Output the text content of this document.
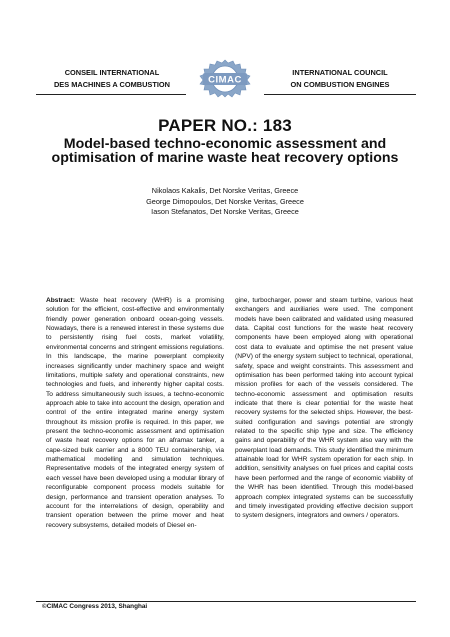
CONSEIL INTERNATIONAL
DES MACHINES A COMBUSTION	CIMAC
INTERNATIONAL COUNCIL
ON COMBUSTION ENGINES
PAPER NO.: 183
Model-based techno-economic assessment and optimisation of marine waste heat recovery options
Nikolaos Kakalis, Det Norske Veritas, Greece
George Dimopoulos, Det Norske Veritas, Greece
Iason Stefanatos, Det Norske Veritas, Greece

Abstract: Waste heat recovery (WHR) is a promising solution for the efficient, cost-effective and environmentally friendly power generation onboard ocean-going vessels. Nowadays, there is a renewed interest in these systems due to persistently rising fuel costs, market volatility, environmental concerns and stringent emissions regulations. In this landscape, the marine powerplant complexity increases significantly under machinery space and weight limitations, multiple safety and operational constraints, new technologies and fuels, and inherently higher capital costs. To address simultaneously such issues, a techno-economic approach able to take into account the design, operation and control of the entire integrated marine energy system throughout its mission profile is required. In this paper, we present the techno-economic assessment and optimisation of waste heat recovery options for an aframax tanker, a cape-sized bulk carrier and a 8000 TEU containership, via mathematical modelling and simulation techniques. Representative models of the integrated energy system of each vessel have been developed using a modular library of reconfigurable component process models suitable for design, performance and transient operation analyses. To account for the interrelations of design, operability and transient operation between the prime mover and heat recovery subsystems, detailed models of Diesel en-

gine, turbocharger, power and steam turbine, various heat exchangers and auxiliaries were used. The component models have been calibrated and validated using measured data. Capital cost functions for the waste heat recovery components have been employed along with operational cost data to evaluate and optimise the net present value (NPV) of the energy system subject to technical, operational, safety, space and weight constraints. This assessment and optimisation has been performed taking into account typical mission profiles for each of the vessels considered. The techno-economic assessment and optimisation results indicate that there is clear potential for the waste heat recovery systems for the selected ships. However, the best-suited configuration and savings potential are strongly related to the specific ship type and size. The efficiency gains and operability of the WHR system also vary with the powerplant load demands. This study identified the minimum attainable load for WHR system operation for each ship. In addition, sensitivity analyses on fuel prices and capital costs have been performed and the range of economic viability of the WHR has been identified. Through this model-based approach complex integrated systems can be successfully and timely investigated providing effective decision support to system designers, integrators and owners / operators.

©CIMAC Congress 2013, Shanghai
